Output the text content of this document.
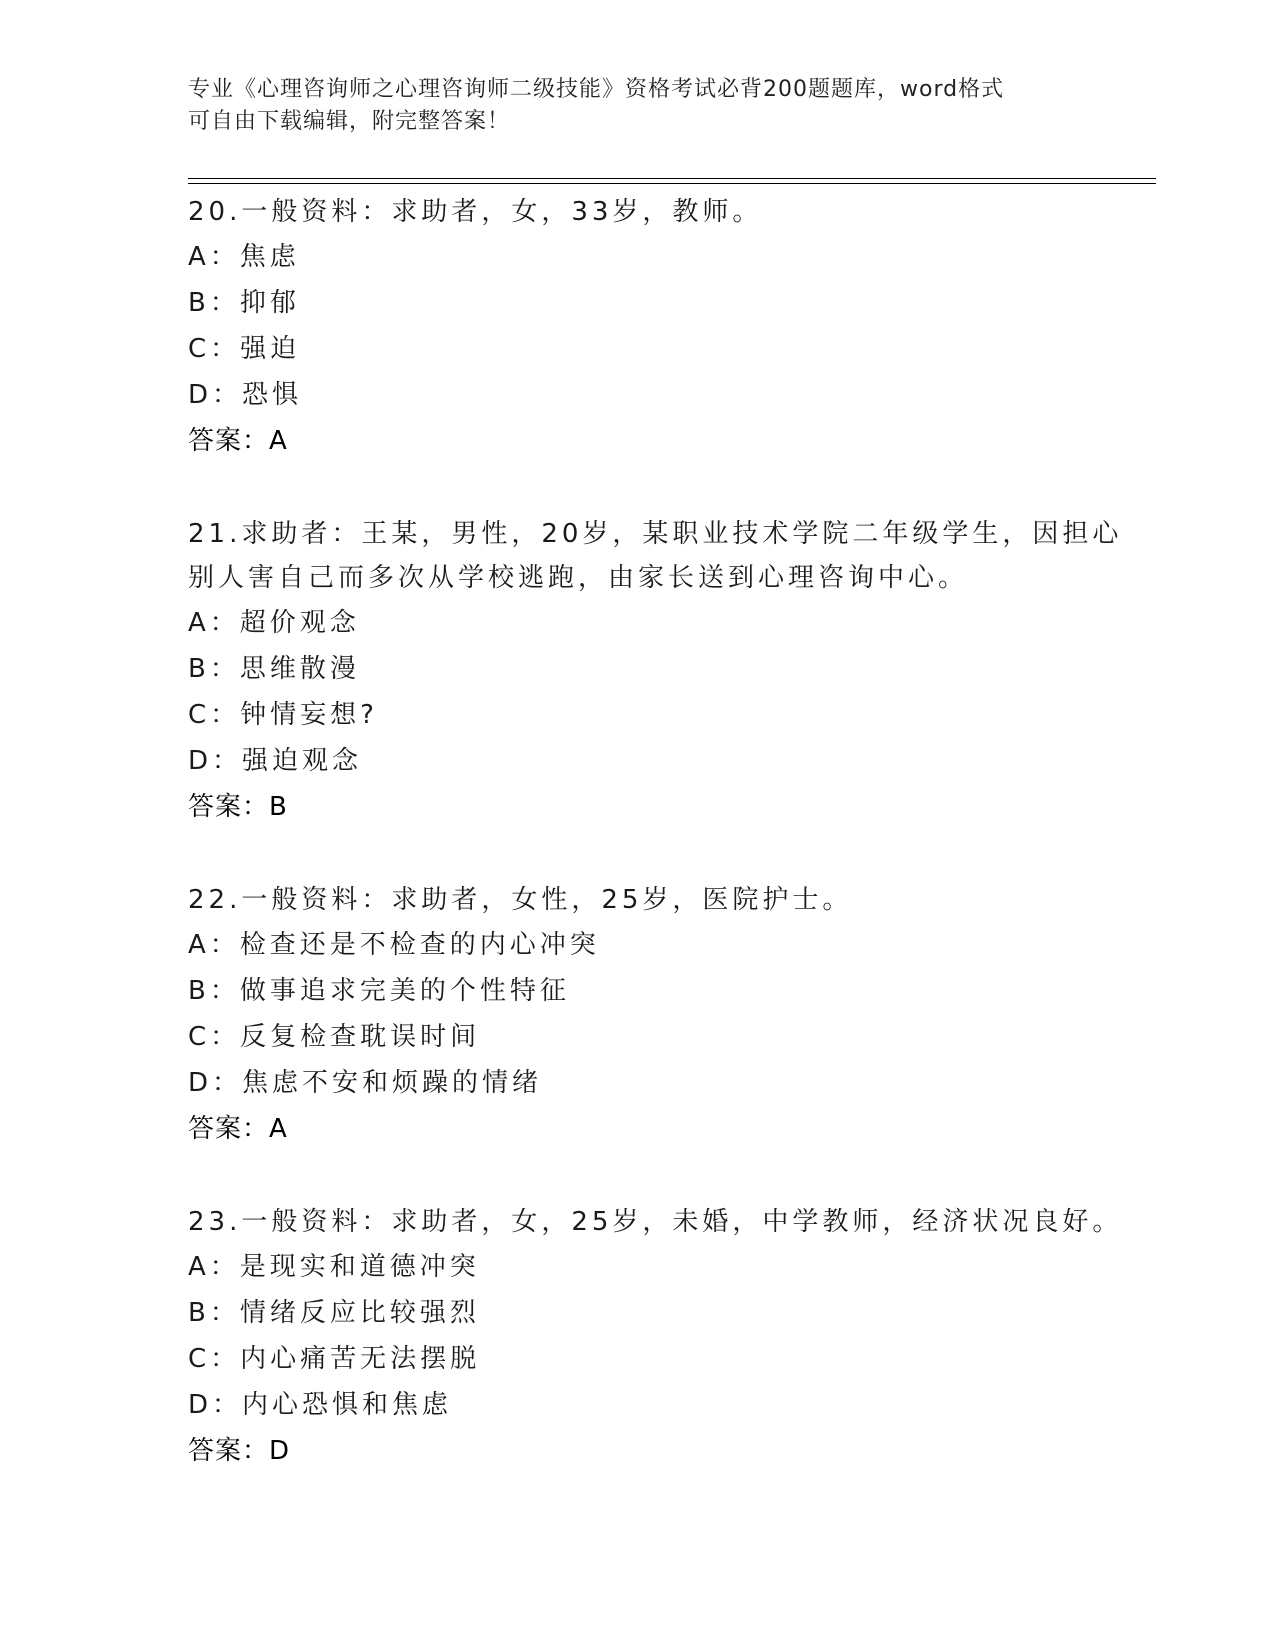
专业《心理咨询师之心理咨询师二级技能》资格考试必背200题题库，word格式
可自由下载编辑，附完整答案！
20.一般资料：求助者，女，33岁，教师。
A：焦虑
B：抑郁
C：强迫
D：恐惧
答案：A
21.求助者：王某，男性，20岁，某职业技术学院二年级学生，因担心别人害自己而多次从学校逃跑，由家长送到心理咨询中心。
A：超价观念
B：思维散漫
C：钟情妄想?
D：强迫观念
答案：B
22.一般资料：求助者，女性，25岁，医院护士。
A：检查还是不检查的内心冲突
B：做事追求完美的个性特征
C：反复检查耽误时间
D：焦虑不安和烦躁的情绪
答案：A
23.一般资料：求助者，女，25岁，未婚，中学教师，经济状况良好。
A：是现实和道德冲突
B：情绪反应比较强烈
C：内心痛苦无法摆脱
D：内心恐惧和焦虑
答案：D
